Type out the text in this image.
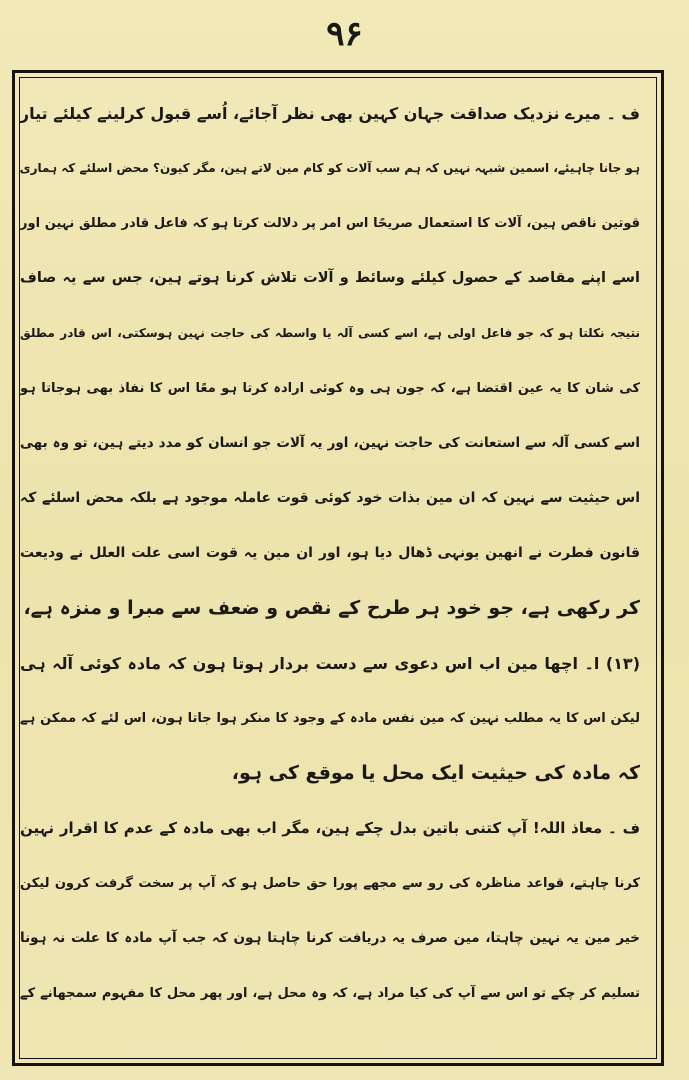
۹۶
ف ۔ میرے نزدیک صداقت جہان کہین بھی نظر آجائے، اُسے قبول کرلینے کیلئے تیار
ہو جانا چاہیئے، اسمین شبہہ نہیں کہ ہم سب آلات کو کام مین لاتے ہین، مگر کیون؟ محض اسلئے کہ ہماری
قوتین ناقص ہین، آلات کا استعمال صریحًا اس امر پر دلالت کرتا ہو کہ فاعل قادر مطلق نہین اور
اسے اپنے مقاصد کے حصول کیلئے وسائط و آلات تلاش کرنا ہوتے ہین، جس سے یہ صاف
نتیجہ نکلتا ہو کہ جو فاعل اولی ہے، اسے کسی آلہ یا واسطہ کی حاجت نہین ہوسکتی، اس قادر مطلق
کی شان کا یہ عین اقتضا ہے، کہ جون ہی وہ کوئی ارادہ کرتا ہو معًا اس کا نفاذ بھی ہوجاتا ہو
اسے کسی آلہ سے استعانت کی حاجت نہین، اور یہ آلات جو انسان کو مدد دیتے ہین، تو وہ بھی
اس حیثیت سے نہین کہ ان مین بذات خود کوئی قوت عاملہ موجود ہے بلکہ محض اسلئے کہ
قانون فطرت نے انھین یونہی ڈھال دیا ہو، اور ان مین یہ قوت اسی علت العلل نے ودیعت
کر رکھی ہے، جو خود ہر طرح کے نقص و ضعف سے مبرا و منزہ ہے،
(۱۳) ا۔ اچھا مین اب اس دعوی سے دست بردار ہوتا ہون کہ مادہ کوئی آلہ ہی
لیکن اس کا یہ مطلب نہین کہ مین نفس مادہ کے وجود کا منکر ہوا جاتا ہون، اس لئے کہ ممکن ہے
کہ مادہ کی حیثیت ایک محل یا موقع کی ہو،
ف ۔ معاذ اللہ! آپ کتنی باتین بدل چکے ہین، مگر اب بھی مادہ کے عدم کا اقرار نہین
کرنا چاہتے، قواعد مناظرہ کی رو سے مجھے پورا حق حاصل ہو کہ آپ پر سخت گرفت کرون لیکن
خیر مین یہ نہین چاہتا، مین صرف یہ دریافت کرنا چاہتا ہون کہ جب آپ مادہ کا علت نہ ہونا
تسلیم کر چکے تو اس سے آپ کی کیا مراد ہے، کہ وہ محل ہے، اور پھر محل کا مفہوم سمجھانے کے
